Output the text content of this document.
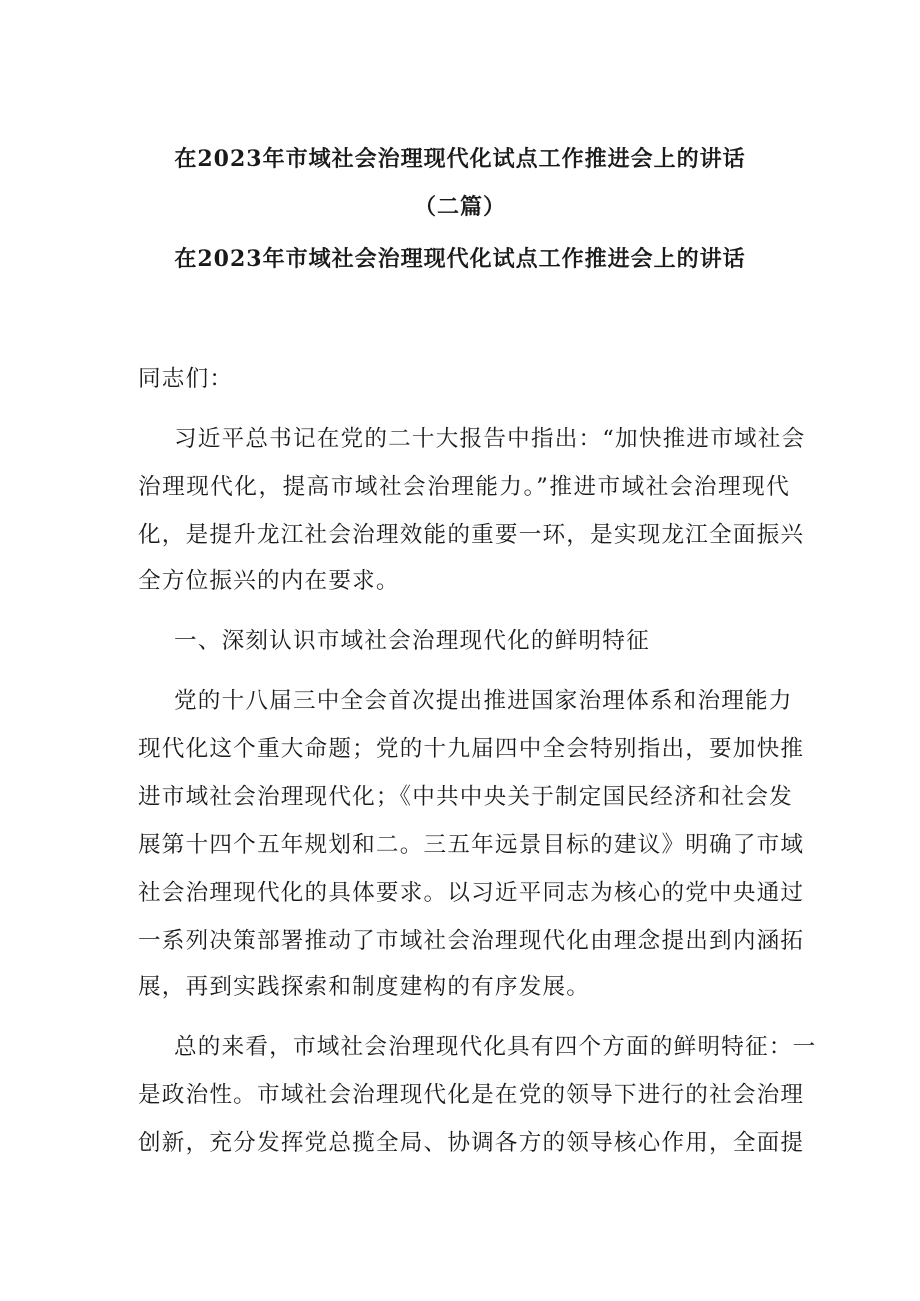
在2023年市域社会治理现代化试点工作推进会上的讲话
（二篇）
在2023年市域社会治理现代化试点工作推进会上的讲话
同志们：
习近平总书记在党的二十大报告中指出：“加快推进市域社会
治理现代化，提高市域社会治理能力。”推进市域社会治理现代
化，是提升龙江社会治理效能的重要一环，是实现龙江全面振兴
全方位振兴的内在要求。
一、深刻认识市域社会治理现代化的鲜明特征
党的十八届三中全会首次提出推进国家治理体系和治理能力
现代化这个重大命题；党的十九届四中全会特别指出，要加快推
进市域社会治理现代化；《中共中央关于制定国民经济和社会发
展第十四个五年规划和二。三五年远景目标的建议》明确了市域
社会治理现代化的具体要求。以习近平同志为核心的党中央通过
一系列决策部署推动了市域社会治理现代化由理念提出到内涵拓
展，再到实践探索和制度建构的有序发展。
总的来看，市域社会治理现代化具有四个方面的鲜明特征：一
是政治性。市域社会治理现代化是在党的领导下进行的社会治理
创新，充分发挥党总揽全局、协调各方的领导核心作用，全面提
